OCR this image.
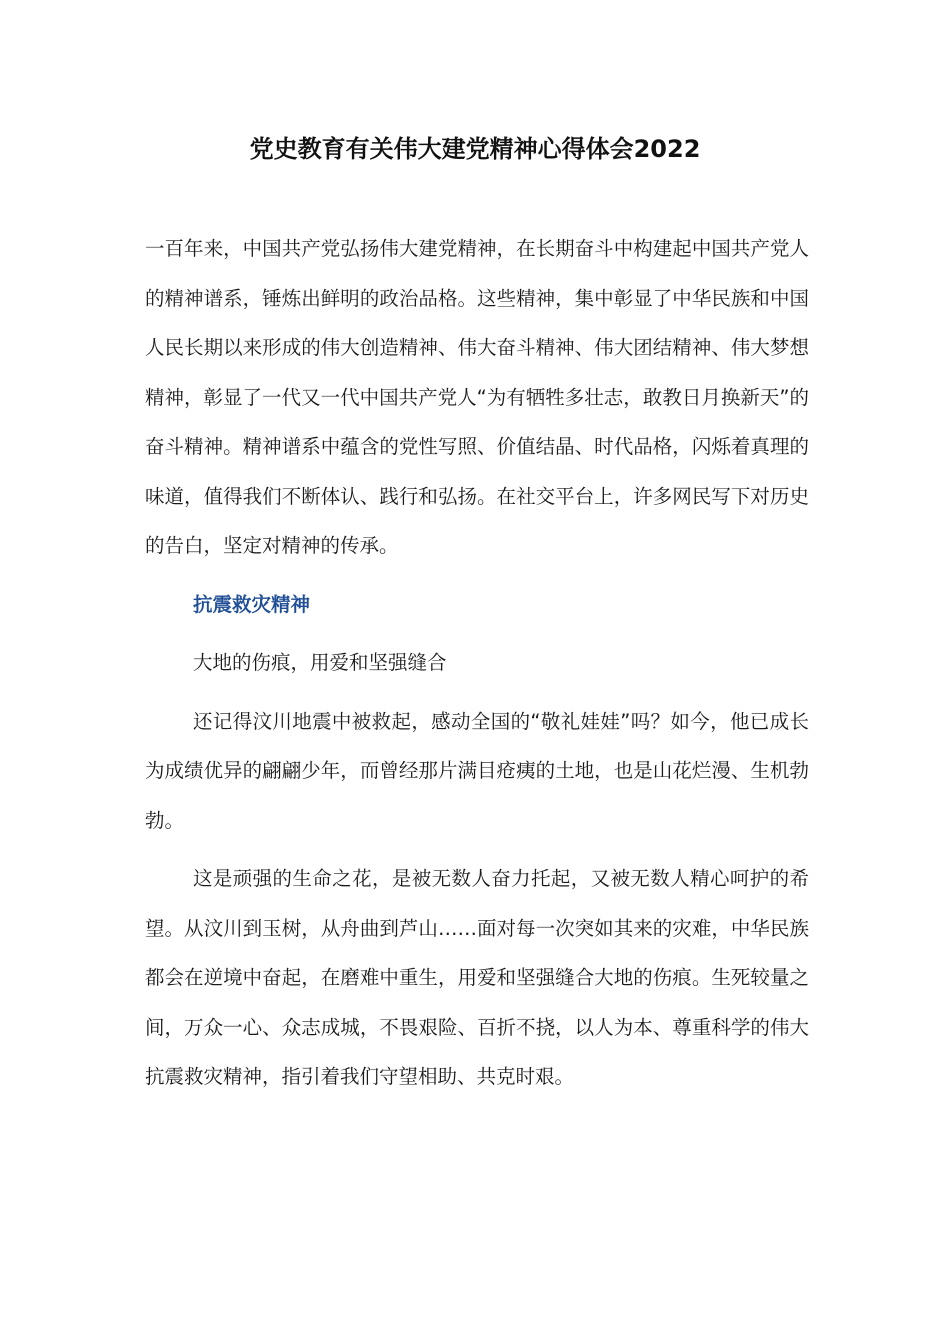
党史教育有关伟大建党精神心得体会2022

一百年来，中国共产党弘扬伟大建党精神，在长期奋斗中构建起中国共产党人的精神谱系，锤炼出鲜明的政治品格。这些精神，集中彰显了中华民族和中国人民长期以来形成的伟大创造精神、伟大奋斗精神、伟大团结精神、伟大梦想精神，彰显了一代又一代中国共产党人“为有牺牲多壮志，敢教日月换新天”的奋斗精神。精神谱系中蕴含的党性写照、价值结晶、时代品格，闪烁着真理的味道，值得我们不断体认、践行和弘扬。在社交平台上，许多网民写下对历史的告白，坚定对精神的传承。

抗震救灾精神

大地的伤痕，用爱和坚强缝合

还记得汶川地震中被救起，感动全国的“敬礼娃娃”吗？如今，他已成长为成绩优异的翩翩少年，而曾经那片满目疮痍的土地，也是山花烂漫、生机勃勃。

这是顽强的生命之花，是被无数人奋力托起，又被无数人精心呵护的希望。从汶川到玉树，从舟曲到芦山……面对每一次突如其来的灾难，中华民族都会在逆境中奋起，在磨难中重生，用爱和坚强缝合大地的伤痕。生死较量之间，万众一心、众志成城，不畏艰险、百折不挠，以人为本、尊重科学的伟大抗震救灾精神，指引着我们守望相助、共克时艰。
